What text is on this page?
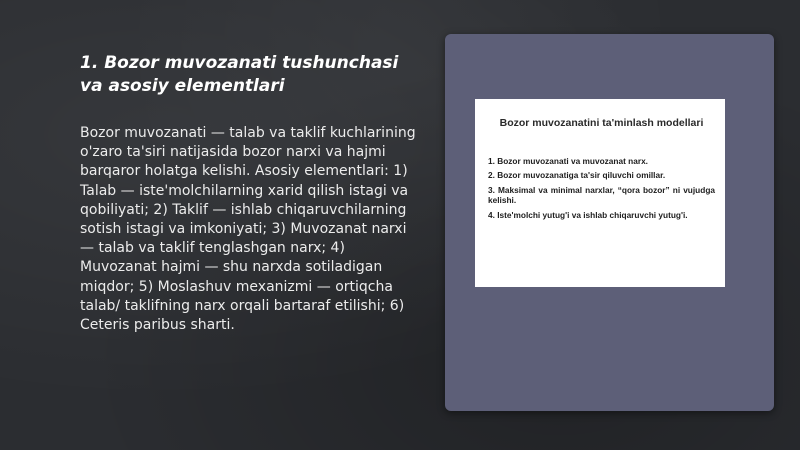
1. Bozor muvozanati tushunchasi va asosiy elementlari

Bozor muvozanati — talab va taklif kuchlarining o'zaro ta'siri natijasida bozor narxi va hajmi barqaror holatga kelishi. Asosiy elementlari: 1) Talab — iste'molchilarning xarid qilish istagi va qobiliyati; 2) Taklif — ishlab chiqaruvchilarning sotish istagi va imkoniyati; 3) Muvozanat narxi — talab va taklif tenglashgan narx; 4) Muvozanat hajmi — shu narxda sotiladigan miqdor; 5) Moslashuv mexanizmi — ortiqcha talab/ taklifning narx orqali bartaraf etilishi; 6) Ceteris paribus sharti.

Bozor muvozanatini ta'minlash modellari
1. Bozor muvozanati va muvozanat narx.
2. Bozor muvozanatiga ta'sir qiluvchi omillar.
3. Maksimal va minimal narxlar, “qora bozor” ni vujudga kelishi.
4. Iste'molchi yutug'i va ishlab chiqaruvchi yutug'i.
